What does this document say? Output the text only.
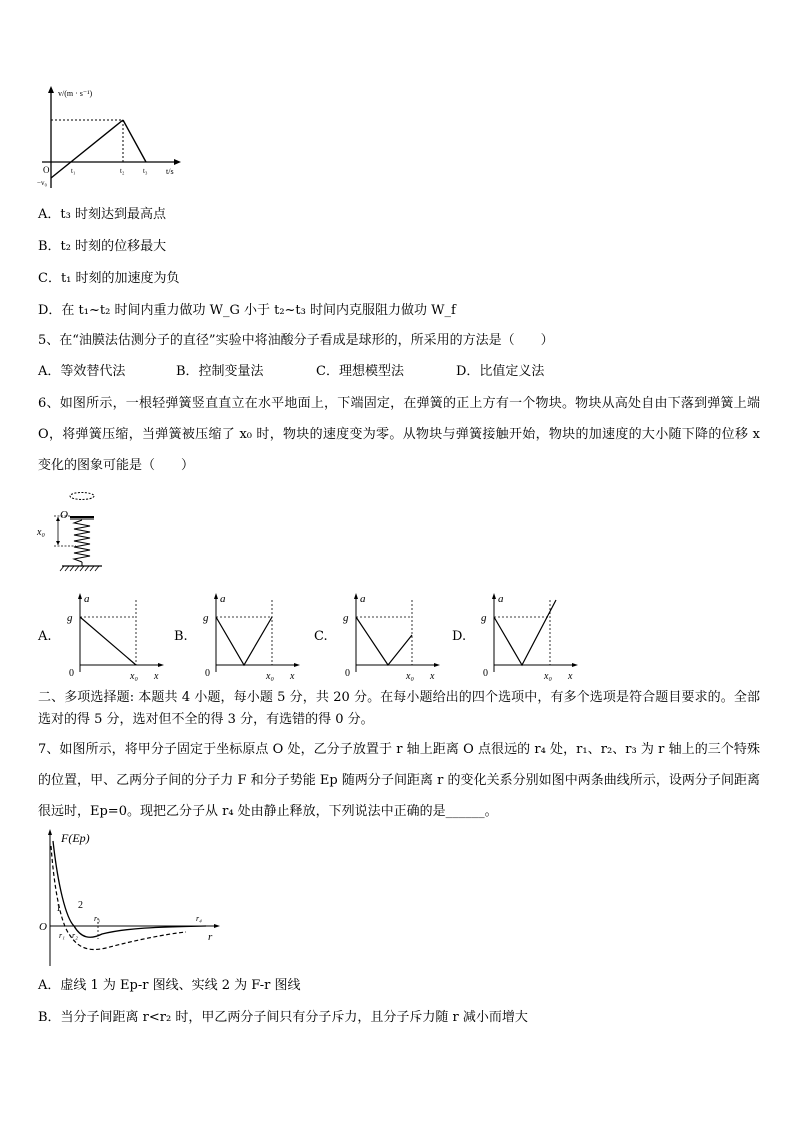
v/(m · s⁻¹)
O
−v₀
t₁	t₂	t₃ t/s
A．t₃ 时刻达到最高点
B．t₂ 时刻的位移最大
C．t₁ 时刻的加速度为负
D．在 t₁~t₂ 时间内重力做功 W_G 小于 t₂~t₃ 时间内克服阻力做功 W_f
5、在“油膜法估测分子的直径”实验中将油酸分子看成是球形的，所采用的方法是（　　）
A．等效替代法	B．控制变量法	C．理想模型法	D．比值定义法
6、如图所示，一根轻弹簧竖直直立在水平地面上，下端固定，在弹簧的正上方有一个物块。物块从高处自由下落到弹簧上端 O，将弹簧压缩，当弹簧被压缩了 x₀ 时，物块的速度变为零。从物块与弹簧接触开始，物块的加速度的大小随下降的位移 x 变化的图象可能是（　　）
O
x₀
A.	B.	C.	D.
a
g
0	x₀ x
a
g
0	x₀ x
a
g
0	x₀ x
a
g
0	x₀ x
二、多项选择题: 本题共 4 小题，每小题 5 分，共 20 分。在每小题给出的四个选项中，有多个选项是符合题目要求的。全部选对的得 5 分，选对但不全的得 3 分，有选错的得 0 分。
7、如图所示，将甲分子固定于坐标原点 O 处，乙分子放置于 r 轴上距离 O 点很远的 r₄ 处，r₁、r₂、r₃ 为 r 轴上的三个特殊的位置，甲、乙两分子间的分子力 F 和分子势能 Ep 随两分子间距离 r 的变化关系分别如图中两条曲线所示，设两分子间距离很远时，Ep=0。现把乙分子从 r₄ 处由静止释放，下列说法中正确的是______。
F(Ep)
O
1 2
r₁ r₂
r₃	r₄
r
A．虚线 1 为 Ep-r 图线、实线 2 为 F-r 图线
B．当分子间距离 r<r₂ 时，甲乙两分子间只有分子斥力，且分子斥力随 r 减小而增大
